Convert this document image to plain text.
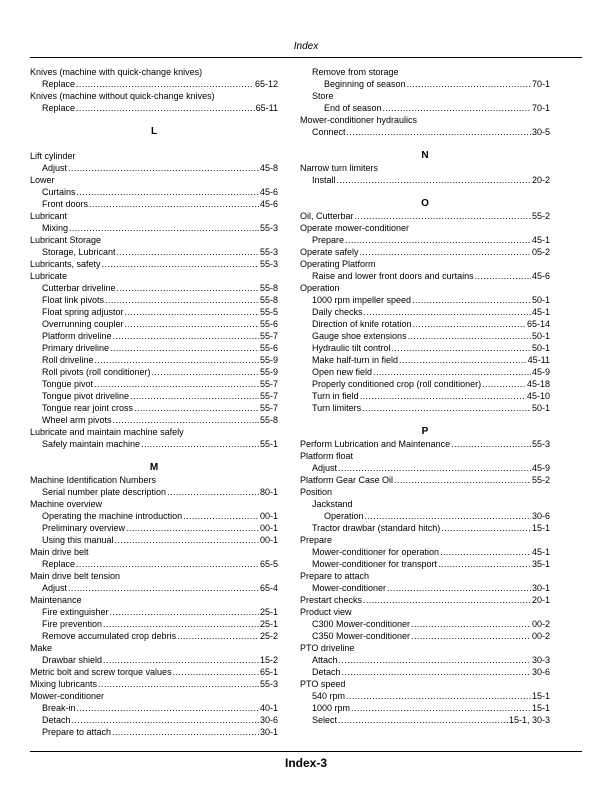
Index
Knives (machine with quick-change knives)
Replace .....	65-12
Knives (machine without quick-change knives)
Replace .....	65-11
L
Lift cylinder
Adjust .....	45-8
Lower
Curtains .....	45-6
Front doors .....	45-6
Lubricant
Mixing .....	55-3
Lubricant Storage
Storage, Lubricant .....	55-3
Lubricants, safety .....	55-3
Lubricate
Cutterbar driveline .....	55-8
Float link pivots .....	55-8
Float spring adjustor .....	55-5
Overrunning coupler .....	55-6
Platform driveline .....	55-7
Primary driveline .....	55-6
Roll driveline .....	55-9
Roll pivots (roll conditioner) .....	55-9
Tongue pivot .....	55-7
Tongue pivot driveline .....	55-7
Tongue rear joint cross .....	55-7
Wheel arm pivots .....	55-8
Lubricate and maintain machine safely
Safely maintain machine .....	55-1
M
Machine Identification Numbers
Serial number plate description .....	80-1
Machine overview
Operating the machine introduction .....	00-1
Preliminary overview .....	00-1
Using this manual .....	00-1
Main drive belt
Replace .....	65-5
Main drive belt tension
Adjust .....	65-4
Maintenance
Fire extinguisher .....	25-1
Fire prevention .....	25-1
Remove accumulated crop debris .....	25-2
Make
Drawbar shield .....	15-2
Metric bolt and screw torque values .....	65-1
Mixing lubricants .....	55-3
Mower-conditioner
Break-in .....	40-1
Detach .....	30-6
Prepare to attach .....	30-1
Remove from storage
Beginning of season .....	70-1
Store
End of season .....	70-1
Mower-conditioner hydraulics
Connect .....	30-5
N
Narrow turn limiters
Install .....	20-2
O
Oil, Cutterbar .....	55-2
Operate mower-conditioner
Prepare .....	45-1
Operate safely .....	05-2
Operating Platform
Raise and lower front doors and curtains .....	45-6
Operation
1000 rpm impeller speed .....	50-1
Daily checks .....	45-1
Direction of knife rotation .....	65-14
Gauge shoe extensions .....	50-1
Hydraulic tilt control .....	50-1
Make half-turn in field .....	45-11
Open new field .....	45-9
Properly conditioned crop (roll conditioner) .....	45-18
Turn in field .....	45-10
Turn limiters .....	50-1
P
Perform Lubrication and Maintenance .....	55-3
Platform float
Adjust .....	45-9
Platform Gear Case Oil .....	55-2
Position
Jackstand
Operation .....	30-6
Tractor drawbar (standard hitch) .....	15-1
Prepare
Mower-conditioner for operation .....	45-1
Mower-conditioner for transport .....	35-1
Prepare to attach
Mower-conditioner .....	30-1
Prestart checks .....	20-1
Product view
C300 Mower-conditioner .....	00-2
C350 Mower-conditioner .....	00-2
PTO driveline
Attach .....	30-3
Detach .....	30-6
PTO speed
540 rpm .....	15-1
1000 rpm .....	15-1
Select .....	15-1, 30-3
Index-3
